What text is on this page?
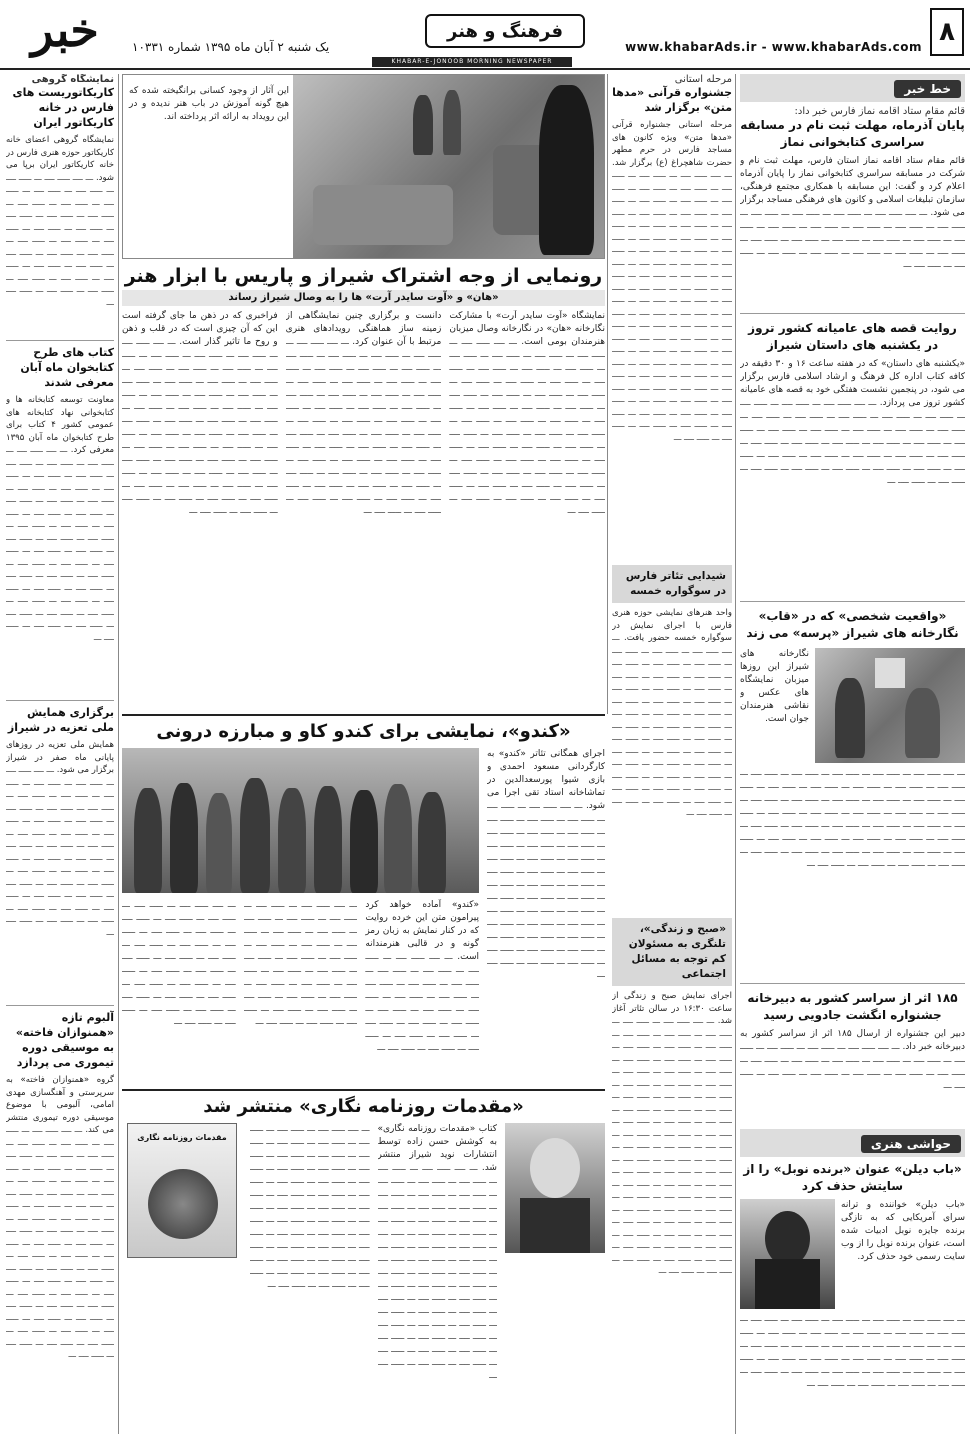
۸
www.khabarAds.ir - www.khabarAds.com
فرهنگ و هنر
خبر	یک شنبه ۲ آبان ماه ۱۳۹۵ شماره ۱۰۳۳۱
KHABAR-E-JONOOB MORNING NEWSPAPER
خط خبر
قائم مقام ستاد اقامه نماز فارس خبر داد:
پایان آذرماه، مهلت ثبت نام در مسابقه سراسری کتابخوانی نماز
قائم مقام ستاد اقامه نماز استان فارس، مهلت ثبت نام و شرکت در مسابقه سراسری کتابخوانی نماز را پایان آذرماه اعلام کرد و گفت: این مسابقه با همکاری مجتمع فرهنگی، سازمان تبلیغات اسلامی و کانون های فرهنگی مساجد برگزار می شود. ـــ ــــ ـــــ ــــ ـــ ـــــ ــــ ـــ ـــــ ــــ ـــ ـــــ ــــ ـــ ـــــ ــــ ـــ ـــــ ــــ ـــ ـــــ ــــ ـــ ـــــ ــــ ـــ ـــــ ــــ ـــ ـــــ ــــ ـــ ـــــ ــــ ـــ ـــــ ــــ ـــ ـــــ ــــ ـــ ـــــ ــــ ـــ ـــــ ــــ ـــ ـــــ ــــ ـــ ـــــ ــــ ـــ ـــــ ــــ ـــ ـــــ ــــ ـــ ـــــ ــــ ـــ ـــــ ــــ ـــ ـــــ ــــ ـــ
روایت قصه های عامیانه کشور تروز در یکشنبه های داستان شیراز
«یکشنبه های داستان» که در هفته ساعت ۱۶ و ۳۰ دقیقه در کافه کتاب اداره کل فرهنگ و ارشاد اسلامی فارس برگزار می شود، در پنجمین نشست هفتگی خود به قصه های عامیانه کشور تروز می پردازد. ـــ ــــ ـــــ ــــ ـــ ـــــ ــــ ـــ ـــــ ــــ ـــ ـــــ ــــ ـــ ـــــ ــــ ـــ ـــــ ــــ ـــ ـــــ ــــ ـــ ـــــ ــــ ـــ ـــــ ــــ ـــ ـــــ ــــ ـــ ـــــ ــــ ـــ ـــــ ــــ ـــ ـــــ ــــ ـــ ـــــ ــــ ـــ ـــــ ــــ ـــ ـــــ ــــ ـــ ـــــ ــــ ـــ ـــــ ــــ ـــ ـــــ ــــ ـــ ـــــ ــــ ـــ ـــــ ــــ ـــ ـــــ ــــ ـــ ـــــ ــــ ـــ ـــــ ــــ ـــ ـــــ ــــ ـــ ـــــ ــــ ـــ ـــــ ــــ ـــ ـــــ ــــ ـــ ـــــ ــــ ـــ ـــــ ــــ ـــ ـــــ ــــ ـــ ـــــ ــــ ـــ
«واقعیت شخصی» که در «قاب» نگارخانه های شیراز «پرسه» می زند
نگارخانه های شیراز این روزها میزبان نمایشگاه های عکس و نقاشی هنرمندان جوان است.
ـــ ــــ ـــــ ــــ ـــ ـــــ ــــ ـــ ـــــ ــــ ـــ ـــــ ــــ ـــ ـــــ ــــ ـــ ـــــ ــــ ـــ ـــــ ــــ ـــ ـــــ ــــ ـــ ـــــ ــــ ـــ ـــــ ــــ ـــ ـــــ ــــ ـــ ـــــ ــــ ـــ ـــــ ــــ ـــ ـــــ ــــ ـــ ـــــ ــــ ـــ ـــــ ــــ ـــ ـــــ ــــ ـــ ـــــ ــــ ـــ ـــــ ــــ ـــ ـــــ ــــ ـــ ـــــ ــــ ـــ ـــــ ــــ ـــ ـــــ ــــ ـــ ـــــ ــــ ـــ ـــــ ــــ ـــ ـــــ ــــ ـــ ـــــ ــــ ـــ ـــــ ــــ ـــ ـــــ ــــ ـــ ـــــ ــــ ـــ ـــــ ــــ ـــ ـــــ ــــ ـــ ـــــ ــــ ـــ ـــــ ــــ ـــ ـــــ ــــ ـــ ـــــ ــــ ـــ ـــــ ــــ ـــ ـــــ ــــ ـــ ـــــ ــــ ـــ ـــــ ــــ ـــ ـــــ ــــ ـــ ـــــ ــــ ـــ
۱۸۵ اثر از سراسر کشور به دبیرخانه جشنواره انگشت جادویی رسید
دبیر این جشنواره از ارسال ۱۸۵ اثر از سراسر کشور به دبیرخانه خبر داد. ـــ ــــ ـــــ ــــ ـــ ـــــ ــــ ـــ ـــــ ــــ ـــ ـــــ ــــ ـــ ـــــ ــــ ـــ ـــــ ــــ ـــ ـــــ ــــ ـــ ـــــ ــــ ـــ ـــــ ــــ ـــ ـــــ ــــ ـــ ـــــ ــــ ـــ ـــــ ــــ ـــ ـــــ ــــ ـــ ـــــ ــــ ـــ ـــــ ــــ ـــ
حواشی هنری
«باب دیلن» عنوان «برنده نوبل» را از سایتش حذف کرد
«باب دیلن» خواننده و ترانه سرای آمریکایی که به تازگی برنده جایزه نوبل ادبیات شده است، عنوان برنده نوبل را از وب سایت رسمی خود حذف کرد.
ـــ ــــ ـــــ ــــ ـــ ـــــ ــــ ـــ ـــــ ــــ ـــ ـــــ ــــ ـــ ـــــ ــــ ـــ ـــــ ــــ ـــ ـــــ ــــ ـــ ـــــ ــــ ـــ ـــــ ــــ ـــ ـــــ ــــ ـــ ـــــ ــــ ـــ ـــــ ــــ ـــ ـــــ ــــ ـــ ـــــ ــــ ـــ ـــــ ــــ ـــ ـــــ ــــ ـــ ـــــ ــــ ـــ ـــــ ــــ ـــ ـــــ ــــ ـــ ـــــ ــــ ـــ ـــــ ــــ ـــ ـــــ ــــ ـــ ـــــ ــــ ـــ ـــــ ــــ ـــ ـــــ ــــ ـــ ـــــ ــــ ـــ ـــــ ــــ ـــ ـــــ ــــ ـــ ـــــ ــــ ـــ ـــــ ــــ ـــ ـــــ ــــ ـــ
مرحله استانی
جشنواره قرآنی «مدها متن» برگزار شد
مرحله استانی جشنواره قرآنی «مدها متن» ویژه کانون های مساجد فارس در حرم مطهر حضرت شاهچراغ (ع) برگزار شد. ـــ ــــ ـــــ ــــ ـــ ـــــ ــــ ـــ ـــــ ــــ ـــ ـــــ ــــ ـــ ـــــ ــــ ـــ ـــــ ــــ ـــ ـــــ ــــ ـــ ـــــ ــــ ـــ ـــــ ــــ ـــ ـــــ ــــ ـــ ـــــ ــــ ـــ ـــــ ــــ ـــ ـــــ ــــ ـــ ـــــ ــــ ـــ ـــــ ــــ ـــ ـــــ ــــ ـــ ـــــ ــــ ـــ ـــــ ــــ ـــ ـــــ ــــ ـــ ـــــ ــــ ـــ ـــــ ــــ ـــ ـــــ ــــ ـــ ـــــ ــــ ـــ ـــــ ــــ ـــ ـــــ ــــ ـــ ـــــ ــــ ـــ ـــــ ــــ ـــ ـــــ ــــ ـــ ـــــ ــــ ـــ ـــــ ــــ ـــ ـــــ ــــ ـــ ـــــ ــــ ـــ ـــــ ــــ ـــ ـــــ ــــ ـــ ـــــ ــــ ـــ ـــــ ــــ ـــ ـــــ ــــ ـــ ـــــ ــــ ـــ ـــــ ــــ ـــ ـــــ ــــ ـــ ـــــ ــــ ـــ ـــــ ــــ ـــ ـــــ ــــ ـــ ـــــ ــــ ـــ ـــــ ــــ ـــ ـــــ ــــ ـــ ـــــ ــــ ـــ ـــــ ــــ ـــ ـــــ ــــ ـــ ـــــ ــــ ـــ ـــــ ــــ ـــ ـــــ ــــ ـــ ـــــ ــــ ـــ ـــــ ــــ ـــ ـــــ ــــ ـــ ـــــ ــــ ـــ ـــــ ــــ ـــ ـــــ ــــ ـــ ـــــ ــــ ـــ ـــــ ــــ ـــ ـــــ ــــ ـــ ـــــ ــــ ـــ ـــــ ــــ ـــ ـــــ ــــ ـــ
شیدایی تئاتر فارس در سوگواره خمسه
واحد هنرهای نمایشی حوزه هنری فارس با اجرای نمایش در سوگواره خمسه حضور یافت. ـــ ــــ ـــــ ــــ ـــ ـــــ ــــ ـــ ـــــ ــــ ـــ ـــــ ــــ ـــ ـــــ ــــ ـــ ـــــ ــــ ـــ ـــــ ــــ ـــ ـــــ ــــ ـــ ـــــ ــــ ـــ ـــــ ــــ ـــ ـــــ ــــ ـــ ـــــ ــــ ـــ ـــــ ــــ ـــ ـــــ ــــ ـــ ـــــ ــــ ـــ ـــــ ــــ ـــ ـــــ ــــ ـــ ـــــ ــــ ـــ ـــــ ــــ ـــ ـــــ ــــ ـــ ـــــ ــــ ـــ ـــــ ــــ ـــ ـــــ ــــ ـــ ـــــ ــــ ـــ ـــــ ــــ ـــ ـــــ ــــ ـــ ـــــ ــــ ـــ ـــــ ــــ ـــ ـــــ ــــ ـــ ـــــ ــــ ـــ ـــــ ــــ ـــ ـــــ ــــ ـــ ـــــ ــــ ـــ ـــــ ــــ ـــ ـــــ ــــ ـــ ـــــ ــــ ـــ ـــــ ــــ ـــ ـــــ ــــ ـــ ـــــ ــــ ـــ ـــــ ــــ ـــ
«صبح و زندگی»، تلنگری به مسئولان کم توجه به مسائل اجتماعی
اجرای نمایش صبح و زندگی از ساعت ۱۶:۳۰ در سالن تئاتر آغاز شد. ـــ ــــ ـــــ ــــ ـــ ـــــ ــــ ـــ ـــــ ــــ ـــ ـــــ ــــ ـــ ـــــ ــــ ـــ ـــــ ــــ ـــ ـــــ ــــ ـــ ـــــ ــــ ـــ ـــــ ــــ ـــ ـــــ ــــ ـــ ـــــ ــــ ـــ ـــــ ــــ ـــ ـــــ ــــ ـــ ـــــ ــــ ـــ ـــــ ــــ ـــ ـــــ ــــ ـــ ـــــ ــــ ـــ ـــــ ــــ ـــ ـــــ ــــ ـــ ـــــ ــــ ـــ ـــــ ــــ ـــ ـــــ ــــ ـــ ـــــ ــــ ـــ ـــــ ــــ ـــ ـــــ ــــ ـــ ـــــ ــــ ـــ ـــــ ــــ ـــ ـــــ ــــ ـــ ـــــ ــــ ـــ ـــــ ــــ ـــ ـــــ ــــ ـــ ـــــ ــــ ـــ ـــــ ــــ ـــ ـــــ ــــ ـــ ـــــ ــــ ـــ ـــــ ــــ ـــ ـــــ ــــ ـــ ـــــ ــــ ـــ ـــــ ــــ ـــ ـــــ ــــ ـــ ـــــ ــــ ـــ ـــــ ــــ ـــ ـــــ ــــ ـــ ـــــ ــــ ـــ ـــــ ــــ ـــ ـــــ ــــ ـــ ـــــ ــــ ـــ ـــــ ــــ ـــ ـــــ ــــ ـــ ـــــ ــــ ـــ ـــــ ــــ ـــ ـــــ ــــ ـــ ـــــ ــــ ـــ ـــــ ــــ ـــ ـــــ ــــ ـــ ـــــ ــــ ـــ ـــــ ــــ ـــ ـــــ ــــ ـــ ـــــ ــــ ـــ ـــــ ــــ ـــ ـــــ ــــ ـــ
این آثار از وجود کسانی برانگیخته شده که هیچ گونه آموزش در باب هنر ندیده و در این رویداد به ارائه اثر پرداخته اند.
رونمایی از وجه اشتراک شیراز و پاریس با ابزار هنر
«هان» و «آوت سایدر آرت» ها را به وصال شیراز رساند
نمایشگاه «آوت سایدر آرت» با مشارکت نگارخانه «هان» در نگارخانه وصال میزبان هنرمندان بومی است. ـــ ــــ ـــــ ــــ ـــ ـــــ ــــ ـــ ـــــ ــــ ـــ ـــــ ــــ ـــ ـــــ ــــ ـــ ـــــ ــــ ـــ ـــــ ــــ ـــ ـــــ ــــ ـــ ـــــ ــــ ـــ ـــــ ــــ ـــ ـــــ ــــ ـــ ـــــ ــــ ـــ ـــــ ــــ ـــ ـــــ ــــ ـــ ـــــ ــــ ـــ ـــــ ــــ ـــ ـــــ ــــ ـــ ـــــ ــــ ـــ ـــــ ــــ ـــ ـــــ ــــ ـــ ـــــ ــــ ـــ ـــــ ــــ ـــ ـــــ ــــ ـــ ـــــ ــــ ـــ ـــــ ــــ ـــ ـــــ ــــ ـــ ـــــ ــــ ـــ ـــــ ــــ ـــ ـــــ ــــ ـــ ـــــ ــــ ـــ ـــــ ــــ ـــ ـــــ ــــ ـــ ـــــ ــــ ـــ ـــــ ــــ ـــ ـــــ ــــ ـــ ـــــ ــــ ـــ ـــــ ــــ ـــ ـــــ ــــ ـــ ـــــ ــــ ـــ ـــــ ــــ ـــ ـــــ ــــ ـــ ـــــ ــــ ـــ ـــــ ــــ ـــ ـــــ ــــ ـــ ـــــ ــــ ـــ ـــــ ــــ ـــ
دانست و برگزاری چنین نمایشگاهی از زمینه ساز هماهنگی رویدادهای هنری مرتبط با آن عنوان کرد. ـــ ــــ ـــــ ــــ ـــ ـــــ ــــ ـــ ـــــ ــــ ـــ ـــــ ــــ ـــ ـــــ ــــ ـــ ـــــ ــــ ـــ ـــــ ــــ ـــ ـــــ ــــ ـــ ـــــ ــــ ـــ ـــــ ــــ ـــ ـــــ ــــ ـــ ـــــ ــــ ـــ ـــــ ــــ ـــ ـــــ ــــ ـــ ـــــ ــــ ـــ ـــــ ــــ ـــ ـــــ ــــ ـــ ـــــ ــــ ـــ ـــــ ــــ ـــ ـــــ ــــ ـــ ـــــ ــــ ـــ ـــــ ــــ ـــ ـــــ ــــ ـــ ـــــ ــــ ـــ ـــــ ــــ ـــ ـــــ ــــ ـــ ـــــ ــــ ـــ ـــــ ــــ ـــ ـــــ ــــ ـــ ـــــ ــــ ـــ ـــــ ــــ ـــ ـــــ ــــ ـــ ـــــ ــــ ـــ ـــــ ــــ ـــ ـــــ ــــ ـــ ـــــ ــــ ـــ ـــــ ــــ ـــ ـــــ ــــ ـــ ـــــ ــــ ـــ ـــــ ــــ ـــ ـــــ ــــ ـــ ـــــ ــــ ـــ ـــــ ــــ ـــ ـــــ ــــ ـــ ـــــ ــــ ـــ ـــــ ــــ ـــ ـــــ ــــ ـــ
فراخبری که در ذهن ما جای گرفته است این که آن چیزی است که در قلب و ذهن و روح ما تاثیر گذار است. ـــ ــــ ـــــ ــــ ـــ ـــــ ــــ ـــ ـــــ ــــ ـــ ـــــ ــــ ـــ ـــــ ــــ ـــ ـــــ ــــ ـــ ـــــ ــــ ـــ ـــــ ــــ ـــ ـــــ ــــ ـــ ـــــ ــــ ـــ ـــــ ــــ ـــ ـــــ ــــ ـــ ـــــ ــــ ـــ ـــــ ــــ ـــ ـــــ ــــ ـــ ـــــ ــــ ـــ ـــــ ــــ ـــ ـــــ ــــ ـــ ـــــ ــــ ـــ ـــــ ــــ ـــ ـــــ ــــ ـــ ـــــ ــــ ـــ ـــــ ــــ ـــ ـــــ ــــ ـــ ـــــ ــــ ـــ ـــــ ــــ ـــ ـــــ ــــ ـــ ـــــ ــــ ـــ ـــــ ــــ ـــ ـــــ ــــ ـــ ـــــ ــــ ـــ ـــــ ــــ ـــ ـــــ ــــ ـــ ـــــ ــــ ـــ ـــــ ــــ ـــ ـــــ ــــ ـــ ـــــ ــــ ـــ ـــــ ــــ ـــ ـــــ ــــ ـــ ـــــ ــــ ـــ ـــــ ــــ ـــ ـــــ ــــ ـــ ـــــ ــــ ـــ ـــــ ــــ ـــ ـــــ ــــ ـــ ـــــ ــــ ـــ ـــــ ــــ ـــ
«کندو»، نمایشی برای کندو کاو و مبارزه درونی
اجرای همگانی تئاتر «کندو» به کارگردانی مسعود احمدی و بازی شیوا پورسعدالدین در تماشاخانه استاد تقی اجرا می شود. ـــ ــــ ـــــ ــــ ـــ ـــــ ــــ ـــ ـــــ ــــ ـــ ـــــ ــــ ـــ ـــــ ــــ ـــ ـــــ ــــ ـــ ـــــ ــــ ـــ ـــــ ــــ ـــ ـــــ ــــ ـــ ـــــ ــــ ـــ ـــــ ــــ ـــ ـــــ ــــ ـــ ـــــ ــــ ـــ ـــــ ــــ ـــ ـــــ ــــ ـــ ـــــ ــــ ـــ ـــــ ــــ ـــ ـــــ ــــ ـــ ـــــ ــــ ـــ ـــــ ــــ ـــ ـــــ ــــ ـــ ـــــ ــــ ـــ ـــــ ــــ ـــ ـــــ ــــ ـــ ـــــ ــــ ـــ ـــــ ــــ ـــ ـــــ ــــ ـــ ـــــ ــــ ـــ ـــــ ــــ ـــ ـــــ ــــ ـــ ـــــ ــــ ـــ ـــــ ــــ ـــ ـــــ ــــ ـــ ـــــ ــــ ـــ ـــــ ــــ ـــ ـــــ ــــ ـــ ـــــ ــــ ـــ ـــــ ــــ ـــ
«کندو» آماده خواهد کرد پیرامون متن این خرده روایت که در کنار نمایش به زبان رمز گونه و در قالبی هنرمندانه است. ـــ ــــ ـــــ ــــ ـــ ـــــ ــــ ـــ ـــــ ــــ ـــ ـــــ ــــ ـــ ـــــ ــــ ـــ ـــــ ــــ ـــ ـــــ ــــ ـــ ـــــ ــــ ـــ ـــــ ــــ ـــ ـــــ ــــ ـــ ـــــ ــــ ـــ ـــــ ــــ ـــ ـــــ ــــ ـــ ـــــ ــــ ـــ ـــــ ــــ ـــ ـــــ ــــ ـــ ـــــ ــــ ـــ ـــــ ــــ ـــ ـــــ ــــ ـــ ـــــ ــــ ـــ
ـــ ــــ ـــــ ــــ ـــ ـــــ ــــ ـــ ـــــ ــــ ـــ ـــــ ــــ ـــ ـــــ ــــ ـــ ـــــ ــــ ـــ ـــــ ــــ ـــ ـــــ ــــ ـــ ـــــ ــــ ـــ ـــــ ــــ ـــ ـــــ ــــ ـــ ـــــ ــــ ـــ ـــــ ــــ ـــ ـــــ ــــ ـــ ـــــ ــــ ـــ ـــــ ــــ ـــ ـــــ ــــ ـــ ـــــ ــــ ـــ ـــــ ــــ ـــ ـــــ ــــ ـــ ـــــ ــــ ـــ ـــــ ــــ ـــ ـــــ ــــ ـــ ـــــ ــــ ـــ ـــــ ــــ ـــ ـــــ ــــ ـــ
ـــ ــــ ـــــ ــــ ـــ ـــــ ــــ ـــ ـــــ ــــ ـــ ـــــ ــــ ـــ ـــــ ــــ ـــ ـــــ ــــ ـــ ـــــ ــــ ـــ ـــــ ــــ ـــ ـــــ ــــ ـــ ـــــ ــــ ـــ ـــــ ــــ ـــ ـــــ ــــ ـــ ـــــ ــــ ـــ ـــــ ــــ ـــ ـــــ ــــ ـــ ـــــ ــــ ـــ ـــــ ــــ ـــ ـــــ ــــ ـــ ـــــ ــــ ـــ ـــــ ــــ ـــ ـــــ ــــ ـــ ـــــ ــــ ـــ ـــــ ــــ ـــ ـــــ ــــ ـــ ـــــ ــــ ـــ
«مقدمات روزنامه نگاری» منتشر شد
کتاب «مقدمات روزنامه نگاری» به کوشش حسن زاده توسط انتشارات نوید شیراز منتشر شد. ـــ ــــ ـــــ ــــ ـــ ـــــ ــــ ـــ ـــــ ــــ ـــ ـــــ ــــ ـــ ـــــ ــــ ـــ ـــــ ــــ ـــ ـــــ ــــ ـــ ـــــ ــــ ـــ ـــــ ــــ ـــ ـــــ ــــ ـــ ـــــ ــــ ـــ ـــــ ــــ ـــ ـــــ ــــ ـــ ـــــ ــــ ـــ ـــــ ــــ ـــ ـــــ ــــ ـــ ـــــ ــــ ـــ ـــــ ــــ ـــ ـــــ ــــ ـــ ـــــ ــــ ـــ ـــــ ــــ ـــ ـــــ ــــ ـــ ـــــ ــــ ـــ ـــــ ــــ ـــ ـــــ ــــ ـــ ـــــ ــــ ـــ ـــــ ــــ ـــ ـــــ ــــ ـــ ـــــ ــــ ـــ ـــــ ــــ ـــ ـــــ ــــ ـــ ـــــ ــــ ـــ ـــــ ــــ ـــ ـــــ ــــ ـــ ـــــ ــــ ـــ ـــــ ــــ ـــ ـــــ ــــ ـــ ـــــ ــــ ـــ ـــــ ــــ ـــ ـــــ ــــ ـــ ـــــ ــــ ـــ ـــــ ــــ ـــ ـــــ ــــ ـــ ـــــ ــــ ـــ ـــــ ــــ ـــ ـــــ ــــ ـــ ـــــ ــــ ـــ
ـــ ــــ ـــــ ــــ ـــ ـــــ ــــ ـــ ـــــ ــــ ـــ ـــــ ــــ ـــ ـــــ ــــ ـــ ـــــ ــــ ـــ ـــــ ــــ ـــ ـــــ ــــ ـــ ـــــ ــــ ـــ ـــــ ــــ ـــ ـــــ ــــ ـــ ـــــ ــــ ـــ ـــــ ــــ ـــ ـــــ ــــ ـــ ـــــ ــــ ـــ ـــــ ــــ ـــ ـــــ ــــ ـــ ـــــ ــــ ـــ ـــــ ــــ ـــ ـــــ ــــ ـــ ـــــ ــــ ـــ ـــــ ــــ ـــ ـــــ ــــ ـــ ـــــ ــــ ـــ ـــــ ــــ ـــ ـــــ ــــ ـــ ـــــ ــــ ـــ ـــــ ــــ ـــ ـــــ ــــ ـــ ـــــ ــــ ـــ ـــــ ــــ ـــ ـــــ ــــ ـــ ـــــ ــــ ـــ ـــــ ــــ ـــ ـــــ ــــ ـــ ـــــ ــــ ـــ ـــــ ــــ ـــ ـــــ ــــ ـــ
مقدمات روزنامه نگاری
نمایشگاه گروهی
کاریکاتوریست های فارس در خانه کاریکاتور ایران
نمایشگاه گروهی اعضای خانه کاریکاتور حوزه هنری فارس در خانه کاریکاتور ایران برپا می شود. ـــ ــــ ـــــ ــــ ـــ ـــــ ــــ ـــ ـــــ ــــ ـــ ـــــ ــــ ـــ ـــــ ــــ ـــ ـــــ ــــ ـــ ـــــ ــــ ـــ ـــــ ــــ ـــ ـــــ ــــ ـــ ـــــ ــــ ـــ ـــــ ــــ ـــ ـــــ ــــ ـــ ـــــ ــــ ـــ ـــــ ــــ ـــ ـــــ ــــ ـــ ـــــ ــــ ـــ ـــــ ــــ ـــ ـــــ ــــ ـــ ـــــ ــــ ـــ ـــــ ــــ ـــ ـــــ ــــ ـــ ـــــ ــــ ـــ ـــــ ــــ ـــ ـــــ ــــ ـــ ـــــ ــــ ـــ ـــــ ــــ ـــ
کتاب های طرح کتابخوان ماه آبان معرفی شدند
معاونت توسعه کتابخانه ها و کتابخوانی نهاد کتابخانه های عمومی کشور ۴ کتاب برای طرح کتابخوان ماه آبان ۱۳۹۵ معرفی کرد. ـــ ــــ ـــــ ــــ ـــ ـــــ ــــ ـــ ـــــ ــــ ـــ ـــــ ــــ ـــ ـــــ ــــ ـــ ـــــ ــــ ـــ ـــــ ــــ ـــ ـــــ ــــ ـــ ـــــ ــــ ـــ ـــــ ــــ ـــ ـــــ ــــ ـــ ـــــ ــــ ـــ ـــــ ــــ ـــ ـــــ ــــ ـــ ـــــ ــــ ـــ ـــــ ــــ ـــ ـــــ ــــ ـــ ـــــ ــــ ـــ ـــــ ــــ ـــ ـــــ ــــ ـــ ـــــ ــــ ـــ ـــــ ــــ ـــ ـــــ ــــ ـــ ـــــ ــــ ـــ ـــــ ــــ ـــ ـــــ ــــ ـــ ـــــ ــــ ـــ ـــــ ــــ ـــ ـــــ ــــ ـــ ـــــ ــــ ـــ ـــــ ــــ ـــ ـــــ ــــ ـــ ـــــ ــــ ـــ ـــــ ــــ ـــ ـــــ ــــ ـــ ـــــ ــــ ـــ ـــــ ــــ ـــ ـــــ ــــ ـــ ـــــ ــــ ـــ
برگزاری همایش ملی تعزیه در شیراز
همایش ملی تعزیه در روزهای پایانی ماه صفر در شیراز برگزار می شود. ـــ ــــ ـــــ ــــ ـــ ـــــ ــــ ـــ ـــــ ــــ ـــ ـــــ ــــ ـــ ـــــ ــــ ـــ ـــــ ــــ ـــ ـــــ ــــ ـــ ـــــ ــــ ـــ ـــــ ــــ ـــ ـــــ ــــ ـــ ـــــ ــــ ـــ ـــــ ــــ ـــ ـــــ ــــ ـــ ـــــ ــــ ـــ ـــــ ــــ ـــ ـــــ ــــ ـــ ـــــ ــــ ـــ ـــــ ــــ ـــ ـــــ ــــ ـــ ـــــ ــــ ـــ ـــــ ــــ ـــ ـــــ ــــ ـــ ـــــ ــــ ـــ ـــــ ــــ ـــ ـــــ ــــ ـــ ـــــ ــــ ـــ ـــــ ــــ ـــ ـــــ ــــ ـــ ـــــ ــــ ـــ ـــــ ــــ ـــ ـــــ ــــ ـــ ـــــ ــــ ـــ ـــــ ــــ ـــ
آلبوم تازه «همنوازان فاخته» به موسیقی دوره تیموری می پردازد
گروه «همنوازان فاخته» به سرپرستی و آهنگسازی مهدی امامی، آلبومی با موضوع موسیقی دوره تیموری منتشر می کند. ـــ ــــ ـــــ ــــ ـــ ـــــ ــــ ـــ ـــــ ــــ ـــ ـــــ ــــ ـــ ـــــ ــــ ـــ ـــــ ــــ ـــ ـــــ ــــ ـــ ـــــ ــــ ـــ ـــــ ــــ ـــ ـــــ ــــ ـــ ـــــ ــــ ـــ ـــــ ــــ ـــ ـــــ ــــ ـــ ـــــ ــــ ـــ ـــــ ــــ ـــ ـــــ ــــ ـــ ـــــ ــــ ـــ ـــــ ــــ ـــ ـــــ ــــ ـــ ـــــ ــــ ـــ ـــــ ــــ ـــ ـــــ ــــ ـــ ـــــ ــــ ـــ ـــــ ــــ ـــ ـــــ ــــ ـــ ـــــ ــــ ـــ ـــــ ــــ ـــ ـــــ ــــ ـــ ـــــ ــــ ـــ ـــــ ــــ ـــ ـــــ ــــ ـــ ـــــ ــــ ـــ ـــــ ــــ ـــ ـــــ ــــ ـــ ـــــ ــــ ـــ ـــــ ــــ ـــ ـــــ ــــ ـــ ـــــ ــــ ـــ ـــــ ــــ ـــ ـــــ ــــ ـــ ـــــ ــــ ـــ ـــــ ــــ ـــ ـــــ ــــ ـــ ـــــ ــــ ـــ ـــــ ــــ ـــ ـــــ ــــ ـــ ـــــ ــــ ـــ ـــــ ــــ ـــ
